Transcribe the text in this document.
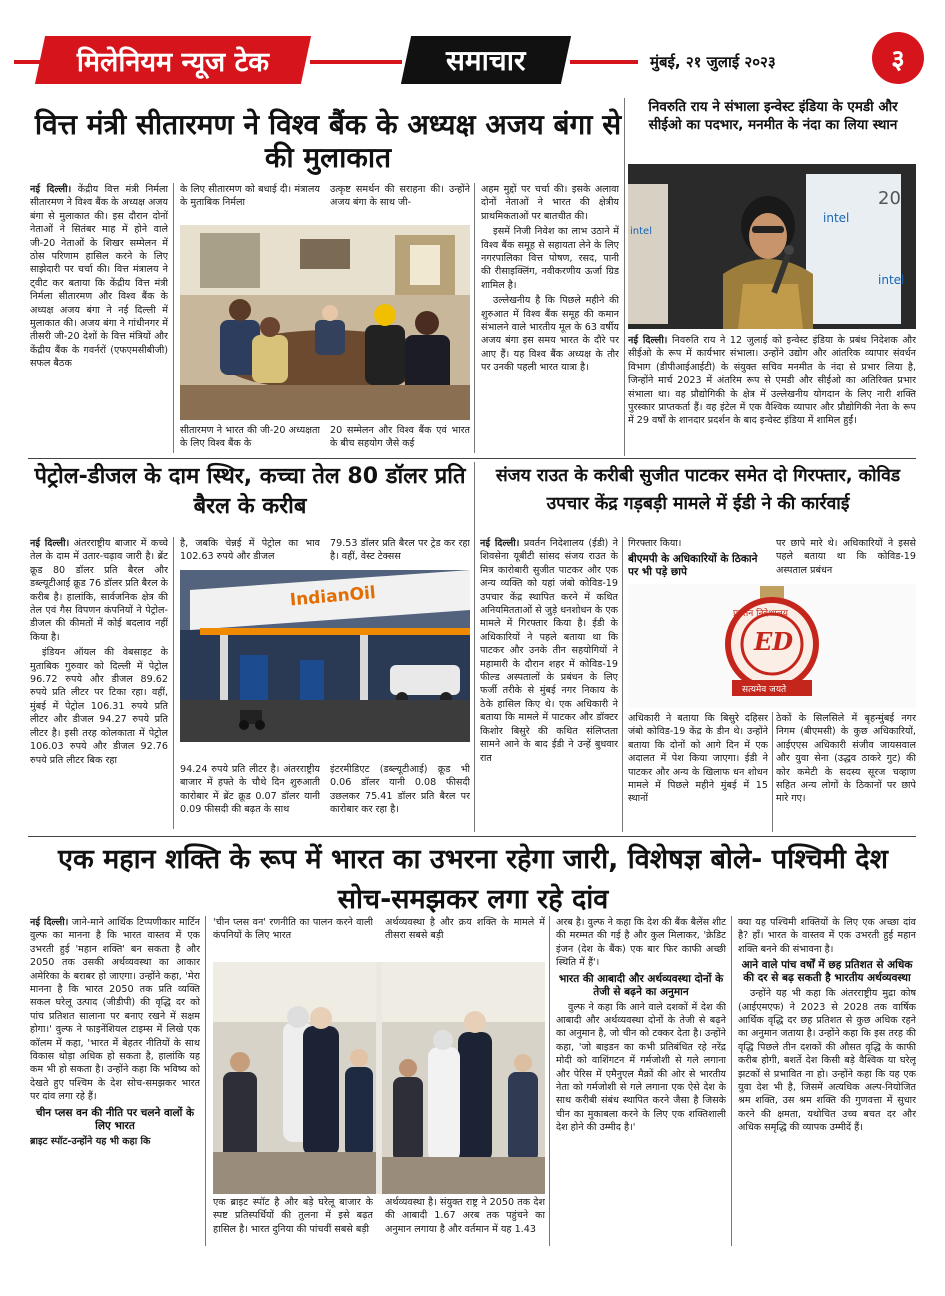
मिलेनियम न्यूज टेक	समाचार	मुंबई, २१ जुलाई २०२३	३
वित्त मंत्री सीतारमण ने विश्व बैंक के अध्यक्ष अजय बंगा से की मुलाकात
नई दिल्ली। केंद्रीय वित्त मंत्री निर्मला सीतारमण ने विश्व बैंक के अध्यक्ष अजय बंगा से मुलाकात की। इस दौरान दोनों नेताओं ने सितंबर माह में होने वाले जी-20 नेताओं के शिखर सम्मेलन में ठोस परिणाम हासिल करने के लिए साझेदारी पर चर्चा की। वित्त मंत्रालय ने ट्वीट कर बताया कि केंद्रीय वित्त मंत्री निर्मला सीतारमण और विश्व बैंक के अध्यक्ष अजय बंगा ने नई दिल्ली में मुलाकात की। अजय बंगा ने गांधीनगर में तीसरी जी-20 देशों के वित्त मंत्रियों और केंद्रीय बैंक के गवर्नरों (एफएमसीबीजी) सफल बैठक
के लिए सीतारमण को बधाई दी। मंत्रालय के मुताबिक निर्मला
उत्कृष्ट समर्थन की सराहना की। उन्होंने अजय बंगा के साथ जी-
सीतारमण ने भारत की जी-20 अध्यक्षता के लिए विश्व बैंक के
20 सम्मेलन और विश्व बैंक एवं भारत के बीच सहयोग जैसे कई

अहम मुद्दों पर चर्चा की। इसके अलावा दोनों नेताओं ने भारत की क्षेत्रीय प्राथमिकताओं पर बातचीत की।

इसमें निजी निवेश का लाभ उठाने में विश्व बैंक समूह से सहायता लेने के लिए नगरपालिका वित्त पोषण, रसद, पानी की रीसाइक्लिंग, नवीकरणीय ऊर्जा ग्रिड शामिल है।

उल्लेखनीय है कि पिछले महीने की शुरुआत में विश्व बैंक समूह की कमान संभालने वाले भारतीय मूल के 63 वर्षीय अजय बंगा इस समय भारत के दौरे पर आए हैं। यह विश्व बैंक अध्यक्ष के तौर पर उनकी पहली भारत यात्रा है।

निवरुति राय ने संभाला इन्वेस्ट इंडिया के एमडी और सीईओ का पदभार, मनमीत के नंदा का लिया स्थान
intel
20
intel
intel
नई दिल्ली। निवरुति राय ने 12 जुलाई को इन्वेस्ट इंडिया के प्रबंध निदेशक और सीईओ के रूप में कार्यभार संभाला। उन्होंने उद्योग और आंतरिक व्यापार संवर्धन विभाग (डीपीआईआईटी) के संयुक्त सचिव मनमीत के नंदा से प्रभार लिया है, जिन्होंने मार्च 2023 में अंतरिम रूप से एमडी और सीईओ का अतिरिक्त प्रभार संभाला था। वह प्रौद्योगिकी के क्षेत्र में उल्लेखनीय योगदान के लिए नारी शक्ति पुरस्कार प्राप्तकर्ता हैं। वह इंटेल में एक वैश्विक व्यापार और प्रौद्योगिकी नेता के रूप में 29 वर्षों के शानदार प्रदर्शन के बाद इन्वेस्ट इंडिया में शामिल हुईं।
पेट्रोल-डीजल के दाम स्थिर, कच्चा तेल 80 डॉलर प्रति बैरल के करीब

नई दिल्ली। अंतरराष्ट्रीय बाजार में कच्चे तेल के दाम में उतार-चढ़ाव जारी है। ब्रेंट क्रूड 80 डॉलर प्रति बैरल और डब्ल्यूटीआई क्रूड 76 डॉलर प्रति बैरल के करीब है। हालांकि, सार्वजनिक क्षेत्र की तेल एवं गैस विपणन कंपनियों ने पेट्रोल-डीजल की कीमतों में कोई बदलाव नहीं किया है।

इंडियन ऑयल की वेबसाइट के मुताबिक गुरुवार को दिल्ली में पेट्रोल 96.72 रुपये और डीजल 89.62 रुपये प्रति लीटर पर टिका रहा। वहीं, मुंबई में पेट्रोल 106.31 रुपये प्रति लीटर और डीजल 94.27 रुपये प्रति लीटर है। इसी तरह कोलकाता में पेट्रोल 106.03 रुपये और डीजल 92.76 रुपये प्रति लीटर बिक रहा

है, जबकि चेन्नई में पेट्रोल का भाव 102.63 रुपये और डीजल
79.53 डॉलर प्रति बैरल पर ट्रेड कर रहा है। वहीं, वेस्ट टेक्सस
IndianOil
94.24 रुपये प्रति लीटर है। अंतरराष्ट्रीय बाजार में हफ्ते के चौथे दिन शुरुआती कारोबार में ब्रेंट क्रूड 0.07 डॉलर यानी 0.09 फीसदी की बढ़त के साथ
इंटरमीडिएट (डब्ल्यूटीआई) क्रूड भी 0.06 डॉलर यानी 0.08 फीसदी उछलकर 75.41 डॉलर प्रति बैरल पर कारोबार कर रहा है।
संजय राउत के करीबी सुजीत पाटकर समेत दो गिरफ्तार, कोविड उपचार केंद्र गड़बड़ी मामले में ईडी ने की कार्रवाई
नई दिल्ली। प्रवर्तन निदेशालय (ईडी) ने शिवसेना यूबीटी सांसद संजय राउत के मित्र कारोबारी सुजीत पाटकर और एक अन्य व्यक्ति को यहां जंबो कोविड-19 उपचार केंद्र स्थापित करने में कथित अनियमितताओं से जुड़े धनशोधन के एक मामले में गिरफ्तार किया है। ईडी के अधिकारियों ने पहले बताया था कि पाटकर और उनके तीन सहयोगियों ने महामारी के दौरान शहर में कोविड-19 फील्ड अस्पतालों के प्रबंधन के लिए फर्जी तरीके से मुंबई नगर निकाय के ठेके हासिल किए थे। एक अधिकारी ने बताया कि मामले में पाटकर और डॉक्टर किशोर बिसुरे की कथित संलिप्तता सामने आने के बाद ईडी ने उन्हें बुधवार रात

गिरफ्तार किया।

बीएमपी के अधिकारियों के ठिकाने पर भी पड़े छापे

पर छापे मारे थे। अधिकारियों ने इससे पहले बताया था कि कोविड-19 अस्पताल प्रबंधन
प्रवर्तन निदेशालय
ED
सत्यमेव जयते
अधिकारी ने बताया कि बिसुरे दहिसर जंबो कोविड-19 केंद्र के डीन थे। उन्होंने बताया कि दोनों को आगे दिन में एक अदालत में पेश किया जाएगा। ईडी ने पाटकर और अन्य के खिलाफ धन शोधन मामले में पिछले महीने मुंबई में 15 स्थानों
ठेकों के सिलसिले में बृहन्मुंबई नगर निगम (बीएमसी) के कुछ अधिकारियों, आईएएस अधिकारी संजीव जायसवाल और युवा सेना (उद्धव ठाकरे गुट) की कोर कमेटी के सदस्य सूरज चव्हाण सहित अन्य लोगों के ठिकानों पर छापे मारे गए।
एक महान शक्ति के रूप में भारत का उभरना रहेगा जारी, विशेषज्ञ बोले- पश्चिमी देश सोच-समझकर लगा रहे दांव

नई दिल्ली। जाने-माने आर्थिक टिप्पणीकार मार्टिन वुल्फ का मानना है कि भारत वास्तव में एक उभरती हुई 'महान शक्ति' बन सकता है और 2050 तक उसकी अर्थव्यवस्था का आकार अमेरिका के बराबर हो जाएगा। उन्होंने कहा, 'मेरा मानना है कि भारत 2050 तक प्रति व्यक्ति सकल घरेलू उत्पाद (जीडीपी) की वृद्धि दर को पांच प्रतिशत सालाना पर बनाए रखने में सक्षम होगा।' वुल्फ ने फाइनेंशियल टाइम्स में लिखे एक कॉलम में कहा, 'भारत में बेहतर नीतियों के साथ विकास थोड़ा अधिक हो सकता है, हालांकि यह कम भी हो सकता है। उन्होंने कहा कि भविष्य को देखते हुए पश्चिम के देश सोच-समझकर भारत पर दांव लगा रहे हैं।

चीन प्लस वन की नीति पर चलने वालों के लिए भारत

ब्राइट स्पॉट-उन्होंने यह भी कहा कि

'चीन प्लस वन' रणनीति का पालन करने वाली कंपनियों के लिए भारत
अर्थव्यवस्था है और क्रय शक्ति के मामले में तीसरा सबसे बड़ी
एक ब्राइट स्पॉट है और बड़े घरेलू बाजार के स्पष्ट प्रतिस्पर्धियों की तुलना में इसे बढ़त हासिल है। भारत दुनिया की पांचवीं सबसे बड़ी
अर्थव्यवस्था है। संयुक्त राष्ट्र ने 2050 तक देश की आबादी 1.67 अरब तक पहुंचने का अनुमान लगाया है और वर्तमान में यह 1.43

अरब है। वुल्फ ने कहा कि देश की बैंक बैलेंस शीट की मरम्मत की गई है और कुल मिलाकर, 'क्रेडिट इंजन (देश के बैंक) एक बार फिर काफी अच्छी स्थिति में हैं'।

भारत की आबादी और अर्थव्यवस्था दोनों के तेजी से बढ़ने का अनुमान

वुल्फ ने कहा कि आने वाले दशकों में देश की आबादी और अर्थव्यवस्था दोनों के तेजी से बढ़ने का अनुमान है, जो चीन को टक्कर देता है। उन्होंने कहा, 'जो बाइडन का कभी प्रतिबंधित रहे नरेंद्र मोदी को वाशिंगटन में गर्मजोशी से गले लगाना और पेरिस में एमैनुएल मैक्रों की ओर से भारतीय नेता को गर्मजोशी से गले लगाना एक ऐसे देश के साथ करीबी संबंध स्थापित करने जैसा है जिसके चीन का मुकाबला करने के लिए एक शक्तिशाली देश होने की उम्मीद है।'

क्या यह पश्चिमी शक्तियों के लिए एक अच्छा दांव है? हाँ। भारत के वास्तव में एक उभरती हुई महान शक्ति बनने की संभावना है।

आने वाले पांच वर्षों में छह प्रतिशत से अधिक की दर से बढ़ सकती है भारतीय अर्थव्यवस्था

उन्होंने यह भी कहा कि अंतरराष्ट्रीय मुद्रा कोष (आईएमएफ) ने 2023 से 2028 तक वार्षिक आर्थिक वृद्धि दर छह प्रतिशत से कुछ अधिक रहने का अनुमान जताया है। उन्होंने कहा कि इस तरह की वृद्धि पिछले तीन दशकों की औसत वृद्धि के काफी करीब होगी, बशर्ते देश किसी बड़े वैश्विक या घरेलू झटकों से प्रभावित ना हो। उन्होंने कहा कि यह एक युवा देश भी है, जिसमें अत्यधिक अल्प-नियोजित श्रम शक्ति, उस श्रम शक्ति की गुणवत्ता में सुधार करने की क्षमता, यथोचित उच्च बचत दर और अधिक समृद्धि की व्यापक उम्मीदें हैं।
